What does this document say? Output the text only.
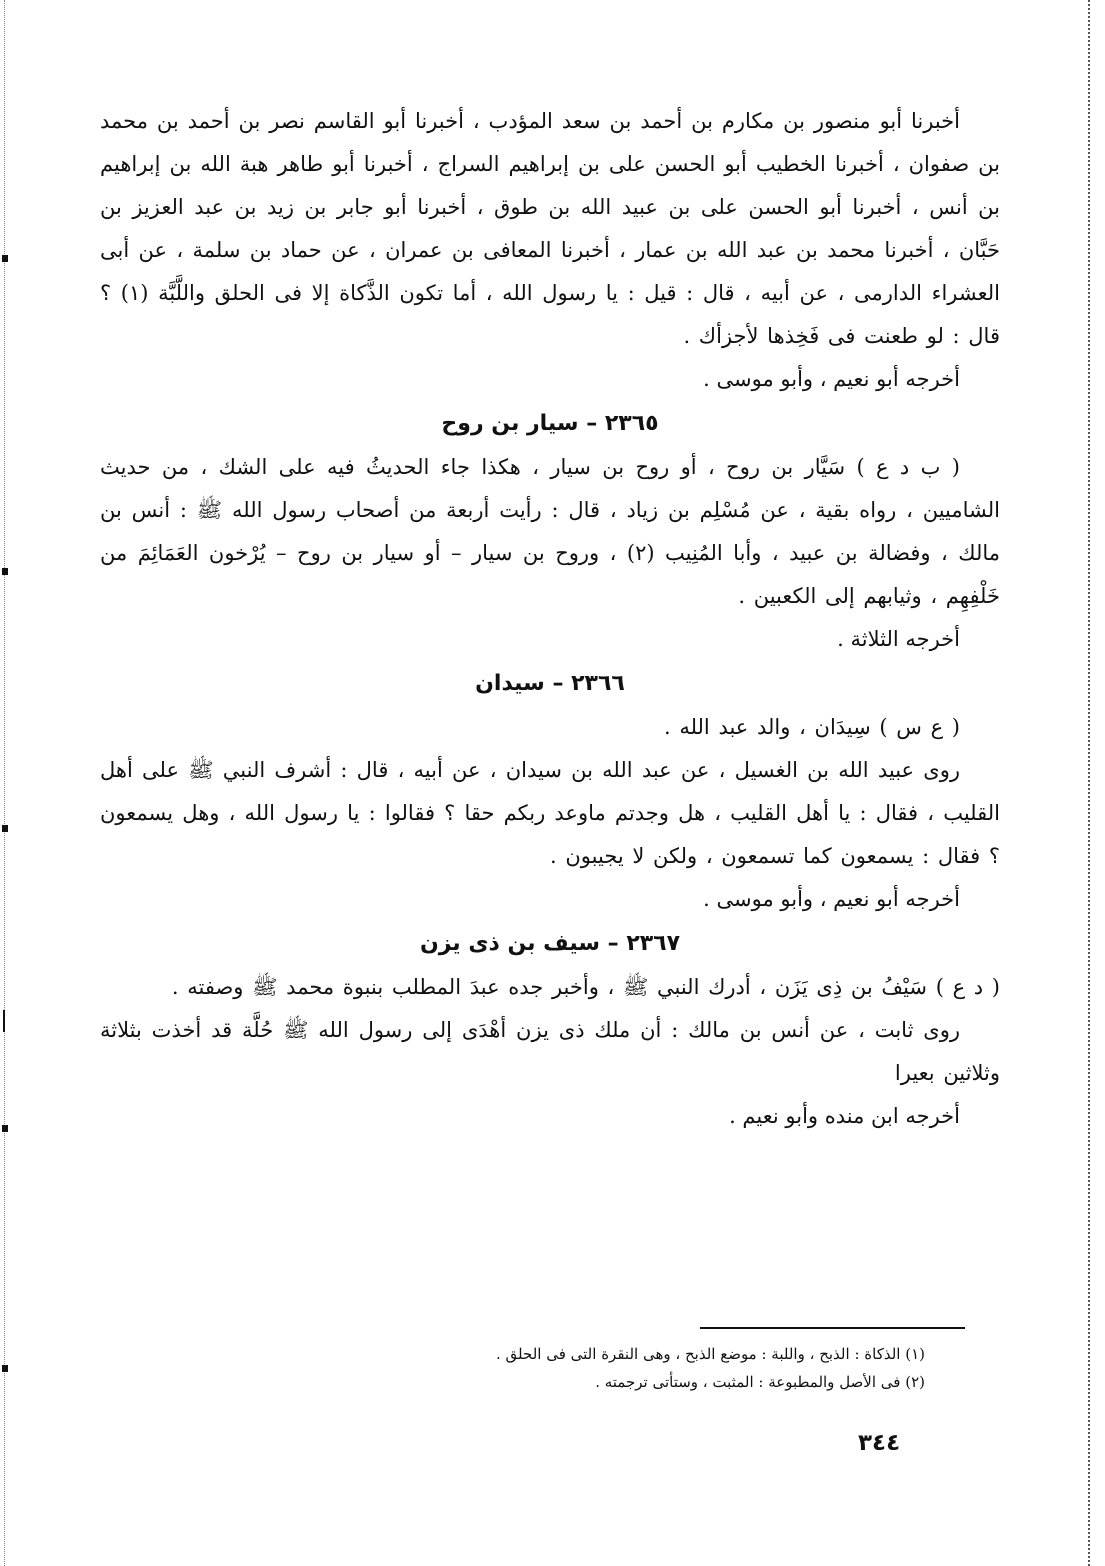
أخبرنا أبو منصور بن مكارم بن أحمد بن سعد المؤدب ، أخبرنا أبو القاسم نصر بن أحمد بن محمد بن صفوان ، أخبرنا الخطيب أبو الحسن على بن إبراهيم السراج ، أخبرنا أبو طاهر هبة الله بن إبراهيم بن أنس ، أخبرنا أبو الحسن على بن عبيد الله بن طوق ، أخبرنا أبو جابر بن زيد بن عبد العزيز بن حَبَّان ، أخبرنا محمد بن عبد الله بن عمار ، أخبرنا المعافى بن عمران ، عن حماد بن سلمة ، عن أبى العشراء الدارمى ، عن أبيه ، قال : قيل : يا رسول الله ، أما تكون الذَّكاة إلا فى الحلق واللَّبَّة (١) ؟ قال : لو طعنت فى فَخِذها لأجزأك .

أخرجه أبو نعيم ، وأبو موسى .

٢٣٦٥ – سيار بن روح

( ب د ع ) سَيَّار بن روح ، أو روح بن سيار ، هكذا جاء الحديثُ فيه على الشك ، من حديث الشاميين ، رواه بقية ، عن مُسْلِم بن زياد ، قال : رأيت أربعة من أصحاب رسول الله ﷺ : أنس بن مالك ، وفضالة بن عبيد ، وأبا المُنِيب (٢) ، وروح بن سيار – أو سيار بن روح – يُرْخون العَمَائِمَ من خَلْفِهِم ، وثيابهم إلى الكعبين .

أخرجه الثلاثة .

٢٣٦٦ – سيدان

( ع س ) سِيدَان ، والد عبد الله .

روى عبيد الله بن الغسيل ، عن عبد الله بن سيدان ، عن أبيه ، قال : أشرف النبي ﷺ على أهل القليب ، فقال : يا أهل القليب ، هل وجدتم ماوعد ربكم حقا ؟ فقالوا : يا رسول الله ، وهل يسمعون ؟ فقال : يسمعون كما تسمعون ، ولكن لا يجيبون .

أخرجه أبو نعيم ، وأبو موسى .

٢٣٦٧ – سيف بن ذى يزن

( د ع ) سَيْفُ بن ذِى يَزَن ، أدرك النبي ﷺ ، وأخبر جده عبدَ المطلب بنبوة محمد ﷺ وصفته .

روى ثابت ، عن أنس بن مالك : أن ملك ذى يزن أهْدَى إلى رسول الله ﷺ حُلَّة قد أخذت بثلاثة وثلاثين بعيرا

أخرجه ابن منده وأبو نعيم .

(١) الذكاة : الذبح ، واللبة : موضع الذبح ، وهى النقرة التى فى الحلق .

(٢) فى الأصل والمطبوعة : المثبت ، وستأتى ترجمته .

٣٤٤
